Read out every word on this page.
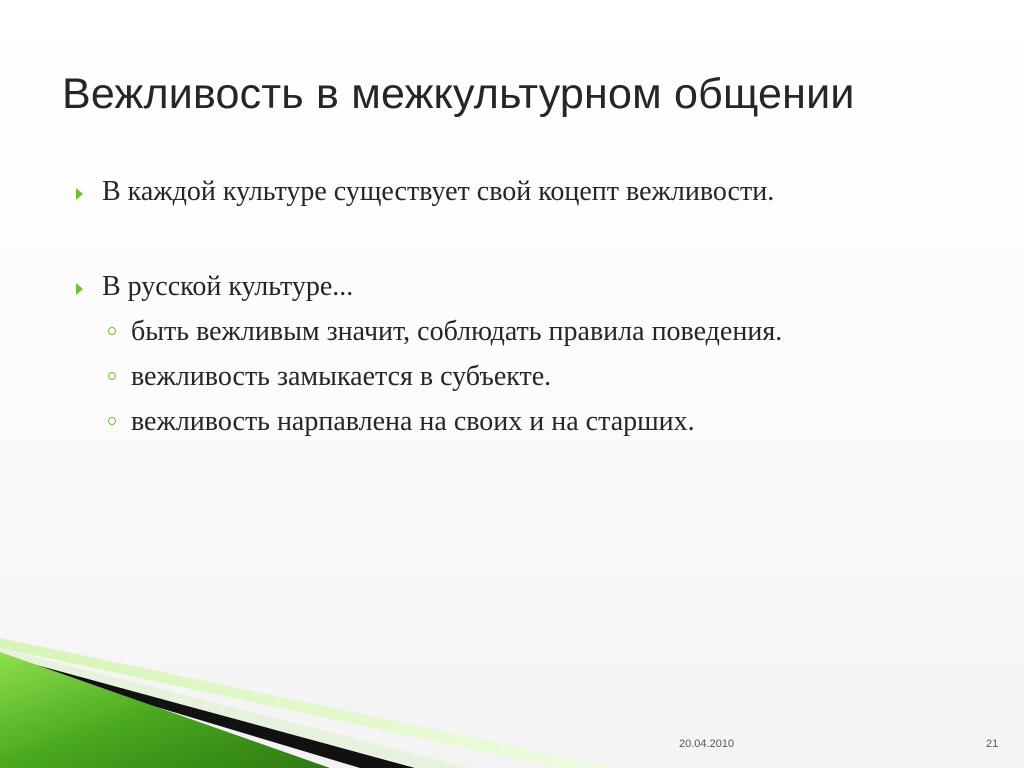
Вежливость в межкультурном общении
В каждой культуре существует свой коцепт вежливости.
В русской культуре...
быть вежливым значит, соблюдать правила поведения.
вежливость замыкается в субъекте.
вежливость нарпавлена на своих и на старших.
20.04.2010	21
